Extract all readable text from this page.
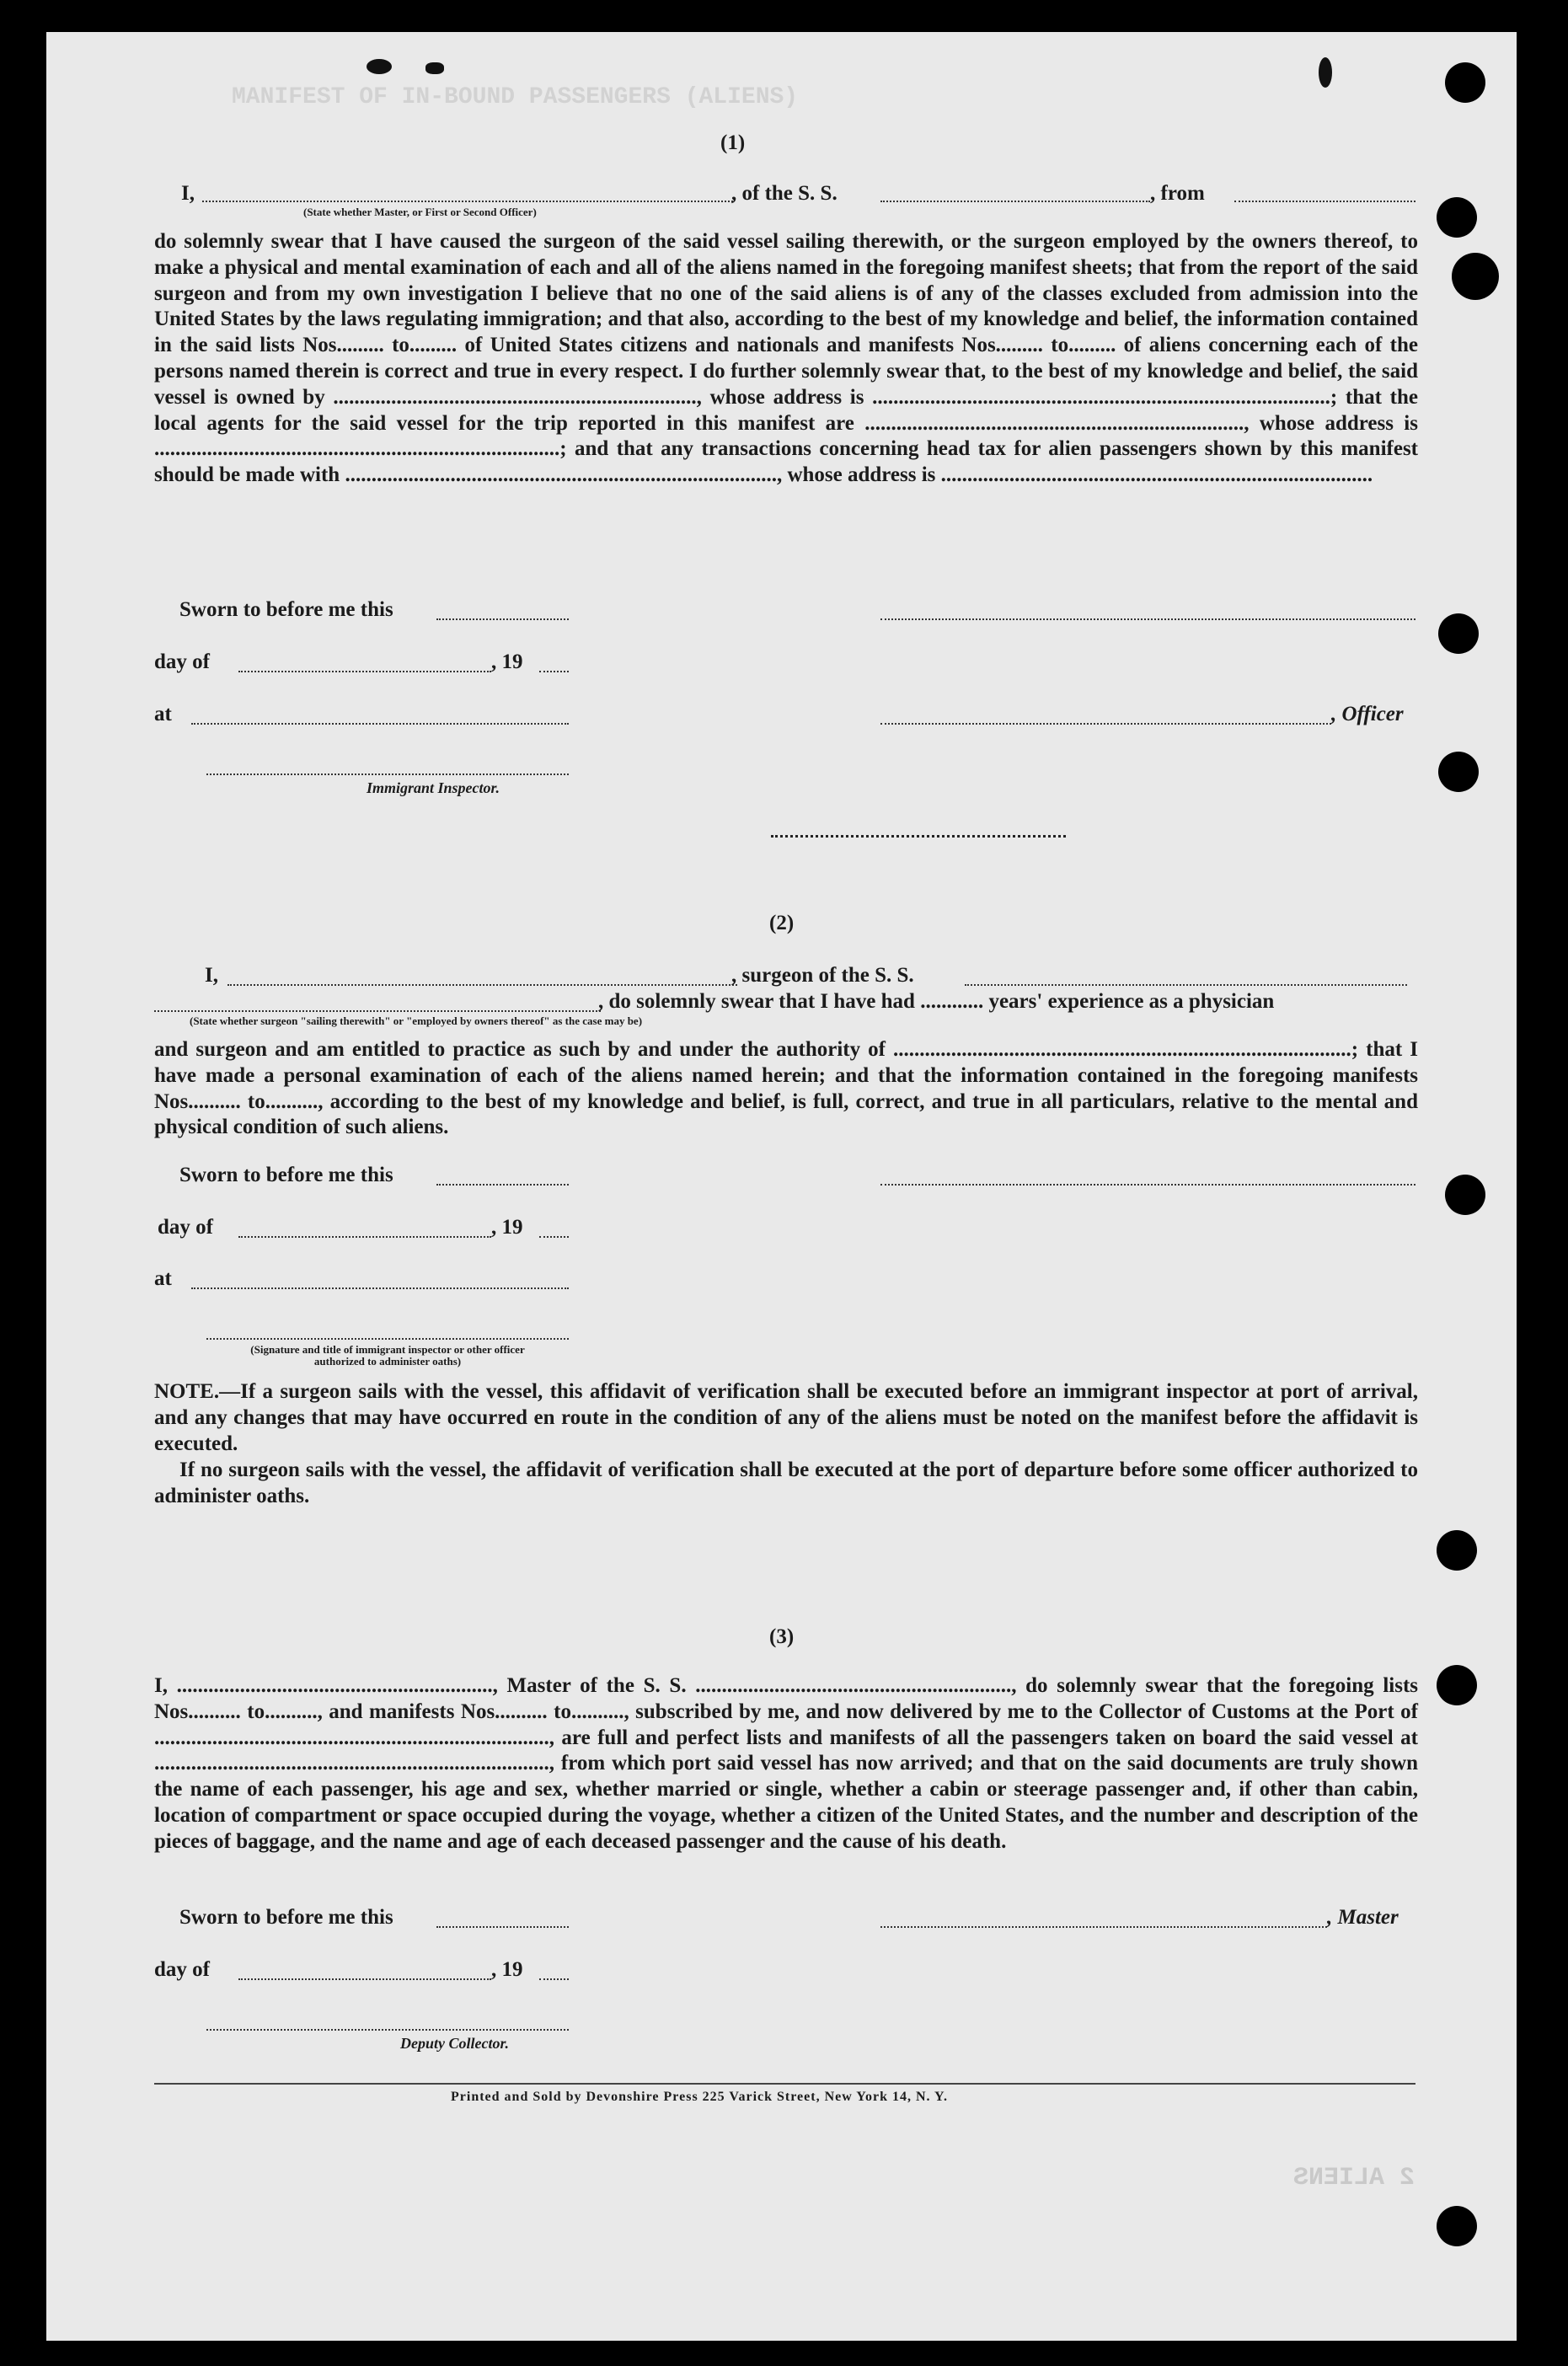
MANIFEST OF IN-BOUND PASSENGERS (ALIENS)
(1)
I,	, of the S. S.	, from
(State whether Master, or First or Second Officer)
do solemnly swear that I have caused the surgeon of the said vessel sailing therewith, or the surgeon employed by the owners thereof, to make a physical and mental examination of each and all of the aliens named in the foregoing manifest sheets; that from the report of the said surgeon and from my own investigation I believe that no one of the said aliens is of any of the classes excluded from admission into the United States by the laws regulating immigration; and that also, according to the best of my knowledge and belief, the information contained in the said lists Nos......... to......... of United States citizens and nationals and manifests Nos......... to......... of aliens concerning each of the persons named therein is correct and true in every respect. I do further solemnly swear that, to the best of my knowledge and belief, the said vessel is owned by ....................................................................., whose address is .......................................................................................; that the local agents for the said vessel for the trip reported in this manifest are ........................................................................, whose address is .............................................................................; and that any transactions concerning head tax for alien passengers shown by this manifest should be made with .................................................................................., whose address is ..................................................................................
Sworn to before me this
day of	, 19
at	, Officer
Immigrant Inspector.
(2)
I,	, surgeon of the S. S.
, do solemnly swear that I have had ............ years' experience as a physician
(State whether surgeon "sailing therewith" or "employed by owners thereof" as the case may be)
and surgeon and am entitled to practice as such by and under the authority of .......................................................................................; that I have made a personal examination of each of the aliens named herein; and that the information contained in the foregoing manifests Nos.......... to.........., according to the best of my knowledge and belief, is full, correct, and true in all particulars, relative to the mental and physical condition of such aliens.
Sworn to before me this
day of	, 19
at
(Signature and title of immigrant inspector or other officer authorized to administer oaths)
NOTE.—If a surgeon sails with the vessel, this affidavit of verification shall be executed before an immigrant inspector at port of arrival, and any changes that may have occurred en route in the condition of any of the aliens must be noted on the manifest before the affidavit is executed.
If no surgeon sails with the vessel, the affidavit of verification shall be executed at the port of departure before some officer authorized to administer oaths.
(3)
I, ............................................................, Master of the S. S. ............................................................, do solemnly swear that the foregoing lists Nos.......... to.........., and manifests Nos.......... to.........., subscribed by me, and now delivered by me to the Collector of Customs at the Port of ..........................................................................., are full and perfect lists and manifests of all the passengers taken on board the said vessel at ..........................................................................., from which port said vessel has now arrived; and that on the said documents are truly shown the name of each passenger, his age and sex, whether married or single, whether a cabin or steerage passenger and, if other than cabin, location of compartment or space occupied during the voyage, whether a citizen of the United States, and the number and description of the pieces of baggage, and the name and age of each deceased passenger and the cause of his death.
Sworn to before me this	, Master
day of	, 19
Deputy Collector.
Printed and Sold by Devonshire Press 225 Varick Street, New York 14, N. Y.
2 ALIENS
